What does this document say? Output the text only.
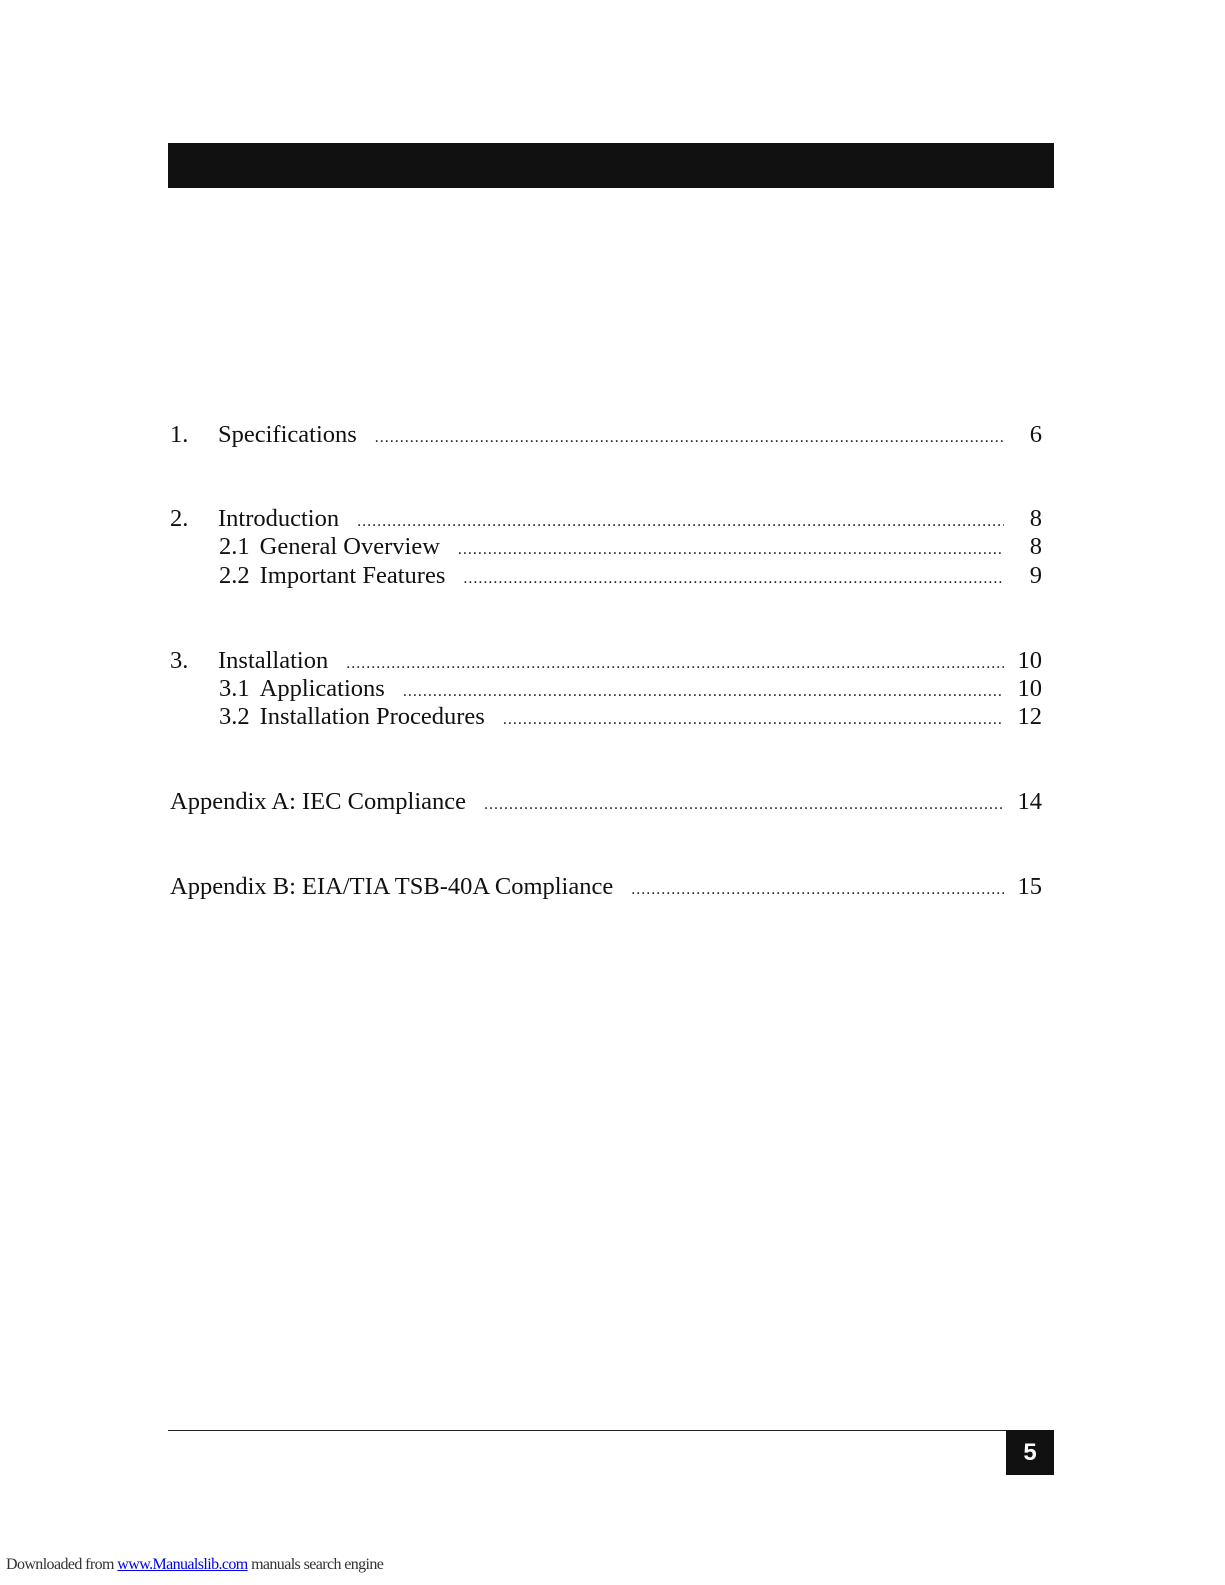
1.	Specifications .....	6
2.	Introduction .....	8
2.1 General Overview .....	8
2.2 Important Features .....	9
3.	Installation .....	10
3.1 Applications .....	10
3.2 Installation Procedures .....	12
Appendix A: IEC Compliance .....	14
Appendix B: EIA/TIA TSB-40A Compliance .....	15
5
Downloaded from www.Manualslib.com manuals search engine
